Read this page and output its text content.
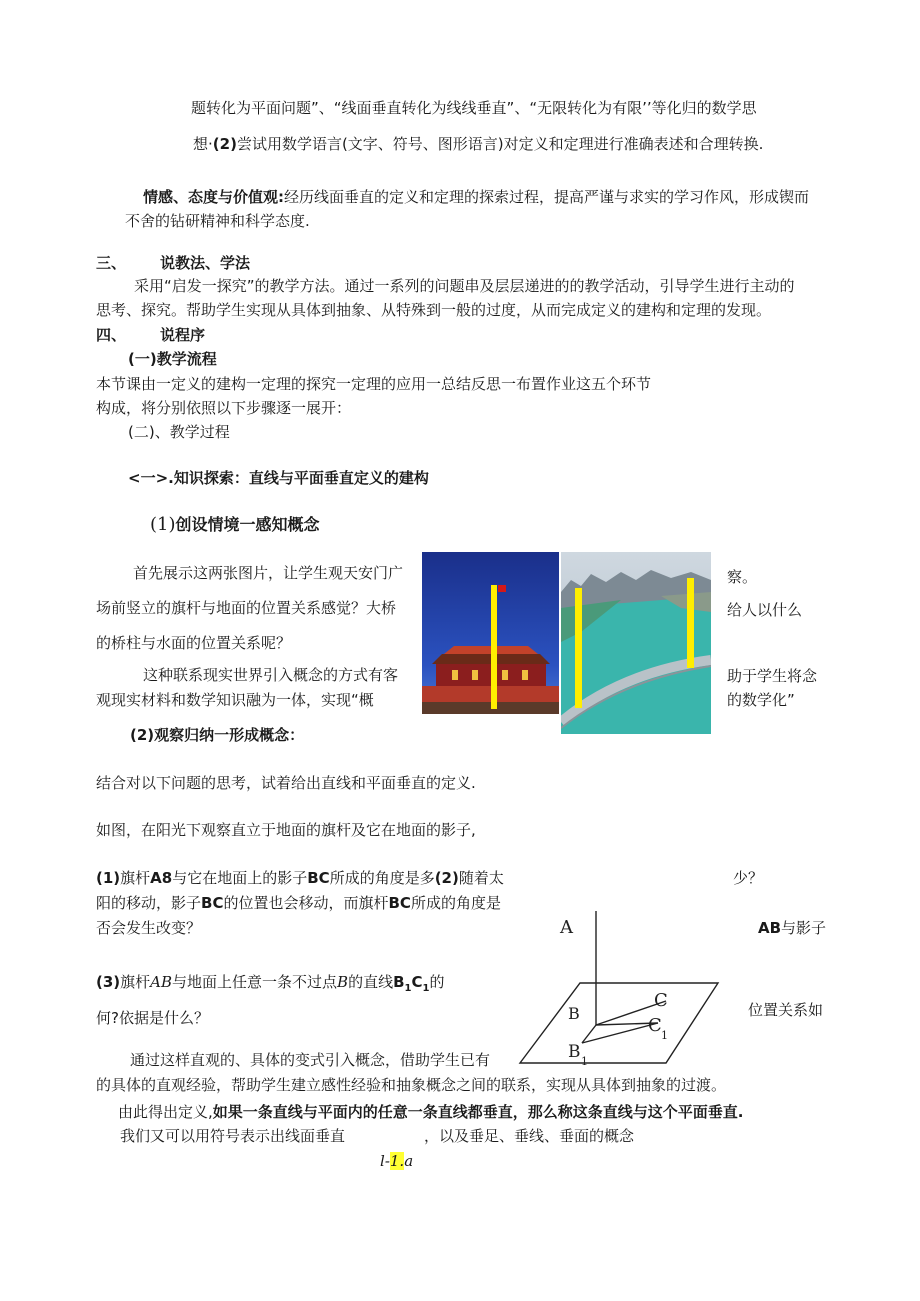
题转化为平面问题”、“线面垂直转化为线线垂直”、“无限转化为有限’’等化归的数学思
想·(2)尝试用数学语言(文字、符号、图形语言)对定义和定理进行准确表述和合理转换.
情感、态度与价值观:经历线面垂直的定义和定理的探索过程，提高严谨与求实的学习作风，形成锲而
不舍的钻研精神和科学态度.
三、 说教法、学法
采用“启发一探究”的教学方法。通过一系列的问题串及层层递进的的教学活动，引导学生进行主动的
思考、探究。帮助学生实现从具体到抽象、从特殊到一般的过度，从而完成定义的建构和定理的发现。
四、 说程序
(一)教学流程
本节课由一定义的建构一定理的探究一定理的应用一总结反思一布置作业这五个环节
构成，将分别依照以下步骤逐一展开：
(二)、教学过程
<一>.知识探索：直线与平面垂直定义的建构
(1)创设情境一感知概念
首先展示这两张图片，让学生观天安门广
场前竖立的旗杆与地面的位置关系感觉？大桥
的桥柱与水面的位置关系呢？
这种联系现实世界引入概念的方式有客
观现实材料和数学知识融为一体，实现“概
察。
给人以什么
助于学生将念
的数学化”
(2)观察归纳一形成概念：
结合对以下问题的思考，试着给出直线和平面垂直的定义.
如图，在阳光下观察直立于地面的旗杆及它在地面的影子,
(1)旗杆A8与它在地面上的影子BC所成的角度是多(2)随着太	少？
阳的移动，影子BC的位置也会移动，而旗杆BC所成的角度是
否会发生改变？	AB与影子
(3)旗杆AB与地面上任意一条不过点B的直线$B_1C_1$的
何?依据是什么？	位置关系如
A
B
C
C 1
B 1
通过这样直观的、具体的变式引入概念，借助学生已有
的具体的直观经验，帮助学生建立感性经验和抽象概念之间的联系，实现从具体到抽象的过渡。
由此得出定义,如果一条直线与平面内的任意一条直线都垂直，那么称这条直线与这个平面垂直.
我们又可以用符号表示出线面垂直	，以及垂足、垂线、垂面的概念
l-1.a
